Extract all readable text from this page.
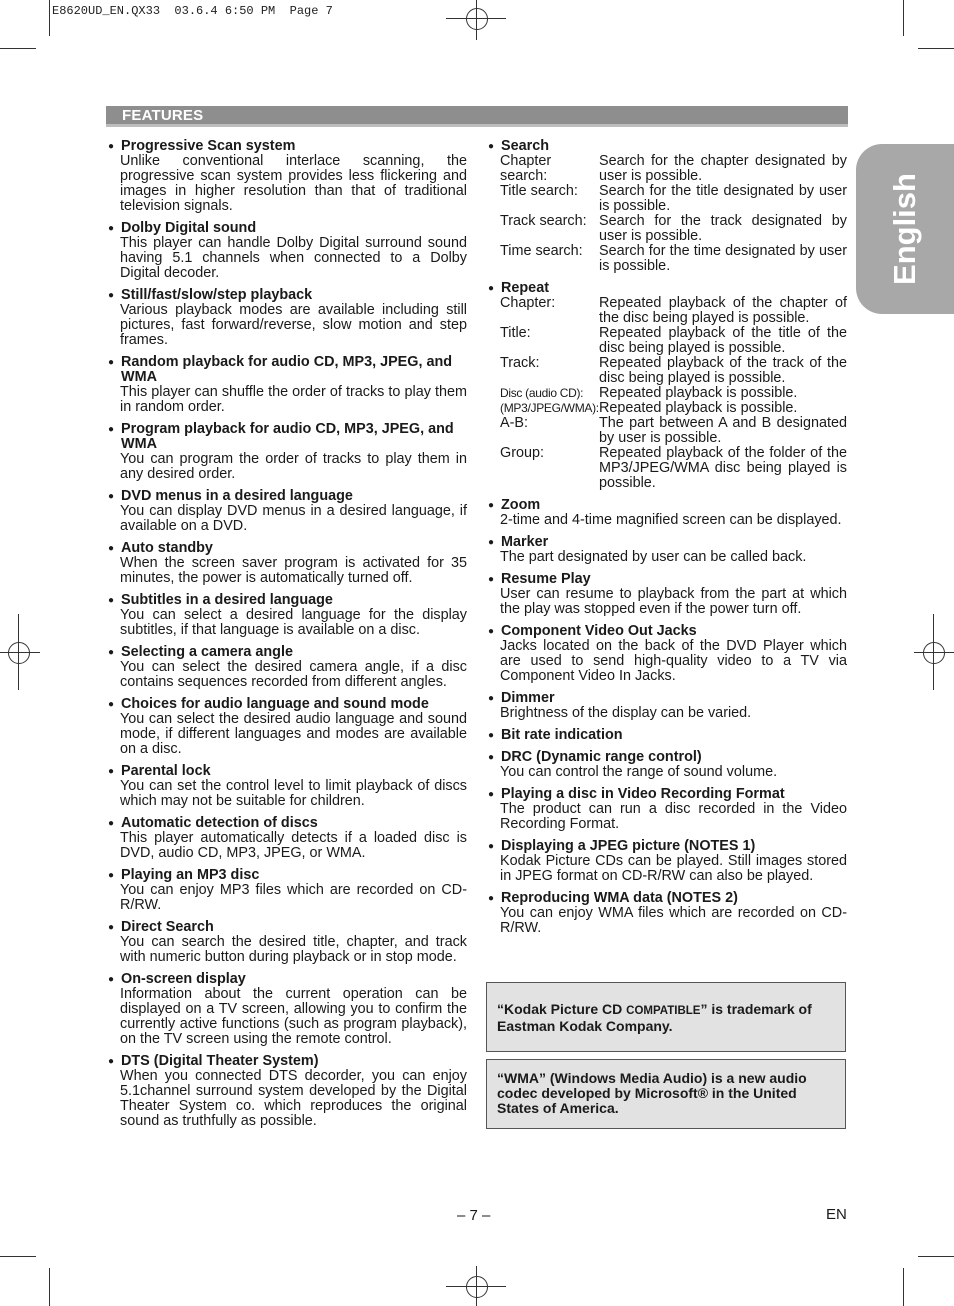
E8620UD_EN.QX33  03.6.4 6:50 PM  Page 7
FEATURES
English
● Progressive Scan system
Unlike conventional interlace scanning, the progressive scan system provides less flickering and images in higher resolution than that of traditional television signals.
● Dolby Digital sound
This player can handle Dolby Digital surround sound having 5.1 channels when connected to a Dolby Digital decoder.
● Still/fast/slow/step playback
Various playback modes are available including still pictures, fast forward/reverse, slow motion and step frames.
● Random playback for audio CD, MP3, JPEG, and WMA
This player can shuffle the order of tracks to play them in random order.
● Program playback for audio CD, MP3, JPEG, and WMA
You can program the order of tracks to play them in any desired order.
● DVD menus in a desired language
You can display DVD menus in a desired language, if available on a DVD.
● Auto standby
When the screen saver program is activated for 35 minutes, the power is automatically turned off.
● Subtitles in a desired language
You can select a desired language for the display subtitles, if that language is available on a disc.
● Selecting a camera angle
You can select the desired camera angle, if a disc contains sequences recorded from different angles.
● Choices for audio language and sound mode
You can select the desired audio language and sound mode, if different languages and modes are available on a disc.
● Parental lock
You can set the control level to limit playback of discs which may not be suitable for children.
● Automatic detection of discs
This player automatically detects if a loaded disc is DVD, audio CD, MP3, JPEG, or WMA.
● Playing an MP3 disc
You can enjoy MP3 files which are recorded on CD-R/RW.
● Direct Search
You can search the desired title, chapter, and track with numeric button during playback or in stop mode.
● On-screen display
Information about the current operation can be displayed on a TV screen, allowing you to confirm the currently active functions (such as program playback), on the TV screen using the remote control.
● DTS (Digital Theater System)
When you connected DTS decorder, you can enjoy 5.1channel surround system developed by the Digital Theater System co. which reproduces the original sound as truthfully as possible.
● Search
Chapter search:
Search for the chapter designated by user is possible.
Title search:	Search for the title designated by user is possible.
Track search: Search for the track designated by user is possible.
Time search:	Search for the time designated by user is possible.
● Repeat
Chapter:	Repeated playback of the chapter of the disc being played is possible.
Title:	Repeated playback of the title of the disc being played is possible.
Track:	Repeated playback of the track of the disc being played is possible.
Disc (audio CD):	Repeated playback is possible.
(MP3/JPEG/WMA): Repeated playback is possible.
A-B:	The part between A and B designated by user is possible.
Group:	Repeated playback of the folder of the MP3/JPEG/WMA disc being played is possible.
● Zoom
2-time and 4-time magnified screen can be displayed.
● Marker
The part designated by user can be called back.
● Resume Play
User can resume to playback from the part at which the play was stopped even if the power turn off.
● Component Video Out Jacks
Jacks located on the back of the DVD Player which are used to send high-quality video to a TV via Component Video In Jacks.
● Dimmer
Brightness of the display can be varied.
● Bit rate indication
● DRC (Dynamic range control)
You can control the range of sound volume.
● Playing a disc in Video Recording Format
The product can run a disc recorded in the Video Recording Format.
● Displaying a JPEG picture (NOTES 1)
Kodak Picture CDs can be played. Still images stored in JPEG format on CD-R/RW can also be played.
● Reproducing WMA data (NOTES 2)
You can enjoy WMA files which are recorded on CD-R/RW.
“Kodak Picture CD COMPATIBLE” is trademark of Eastman Kodak Company.
“WMA” (Windows Media Audio) is a new audio codec developed by Microsoft® in the United States of America.
– 7 –	EN
